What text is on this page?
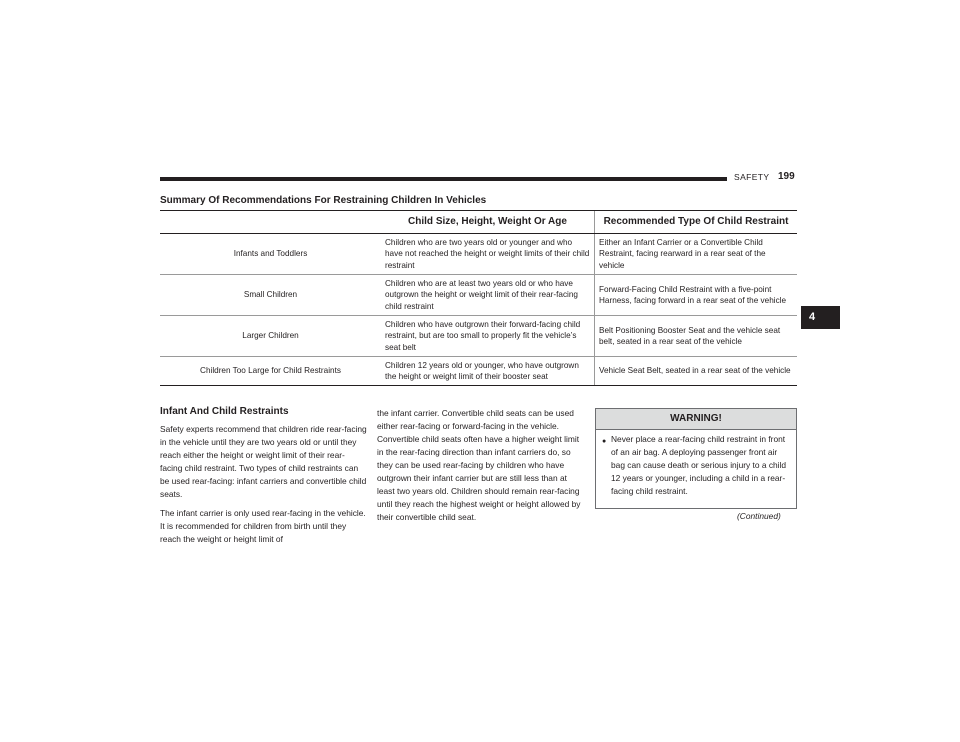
SAFETY 199
4
Summary Of Recommendations For Restraining Children In Vehicles
	Child Size, Height, Weight Or Age	Recommended Type Of Child Restraint
Infants and Toddlers	Children who are two years old or younger and who have not reached the height or weight limits of their child restraint	Either an Infant Carrier or a Convertible Child Restraint, facing rearward in a rear seat of the vehicle
Small Children	Children who are at least two years old or who have outgrown the height or weight limit of their rear-facing child restraint	Forward-Facing Child Restraint with a five-point Harness, facing forward in a rear seat of the vehicle
Larger Children	Children who have outgrown their forward-facing child restraint, but are too small to properly fit the vehicle’s seat belt	Belt Positioning Booster Seat and the vehicle seat belt, seated in a rear seat of the vehicle
Children Too Large for Child Restraints	Children 12 years old or younger, who have outgrown the height or weight limit of their booster seat	Vehicle Seat Belt, seated in a rear seat of the vehicle
Infant And Child Restraints

Safety experts recommend that children ride rear-facing in the vehicle until they are two years old or until they reach either the height or weight limit of their rear-facing child restraint. Two types of child restraints can be used rear-facing: infant carriers and convertible child seats.

The infant carrier is only used rear-facing in the vehicle. It is recommended for children from birth until they reach the weight or height limit of

the infant carrier. Convertible child seats can be used either rear-facing or forward-facing in the vehicle. Convertible child seats often have a higher weight limit in the rear-facing direction than infant carriers do, so they can be used rear-facing by children who have outgrown their infant carrier but are still less than at least two years old. Children should remain rear-facing until they reach the highest weight or height allowed by their convertible child seat.

WARNING!
● Never place a rear-facing child restraint in front of an air bag. A deploying passenger front air bag can cause death or serious injury to a child 12 years or younger, including a child in a rear-facing child restraint.
(Continued)
